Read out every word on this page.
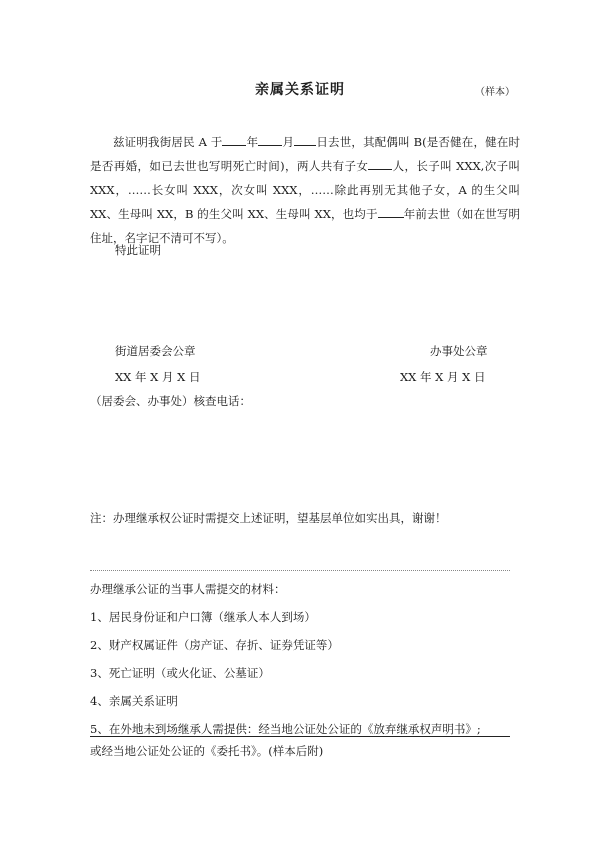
亲属关系证明	（样本）

兹证明我街居民 A 于 年 月 日去世，其配偶叫 B(是否健在，健在时是否再婚，如已去世也写明死亡时间)，两人共有子女 人，长子叫 XXX,次子叫 XXX，……长女叫 XXX，次女叫 XXX，……除此再别无其他子女，A 的生父叫 XX、生母叫 XX，B 的生父叫 XX、生母叫 XX，也均于 年前去世（如在世写明住址，名字记不清可不写）。

特此证明
街道居委会公章	办事处公章
XX 年 X 月 X 日	XX 年 X 月 X 日
（居委会、办事处）核查电话：
注：办理继承权公证时需提交上述证明，望基层单位如实出具，谢谢！
办理继承公证的当事人需提交的材料：
1、居民身份证和户口簿（继承人本人到场）
2、财产权属证件（房产证、存折、证券凭证等）
3、死亡证明（或火化证、公墓证）
4、亲属关系证明
5、在外地未到场继承人需提供：经当地公证处公证的《放弃继承权声明书》;
或经当地公证处公证的《委托书》。(样本后附)
